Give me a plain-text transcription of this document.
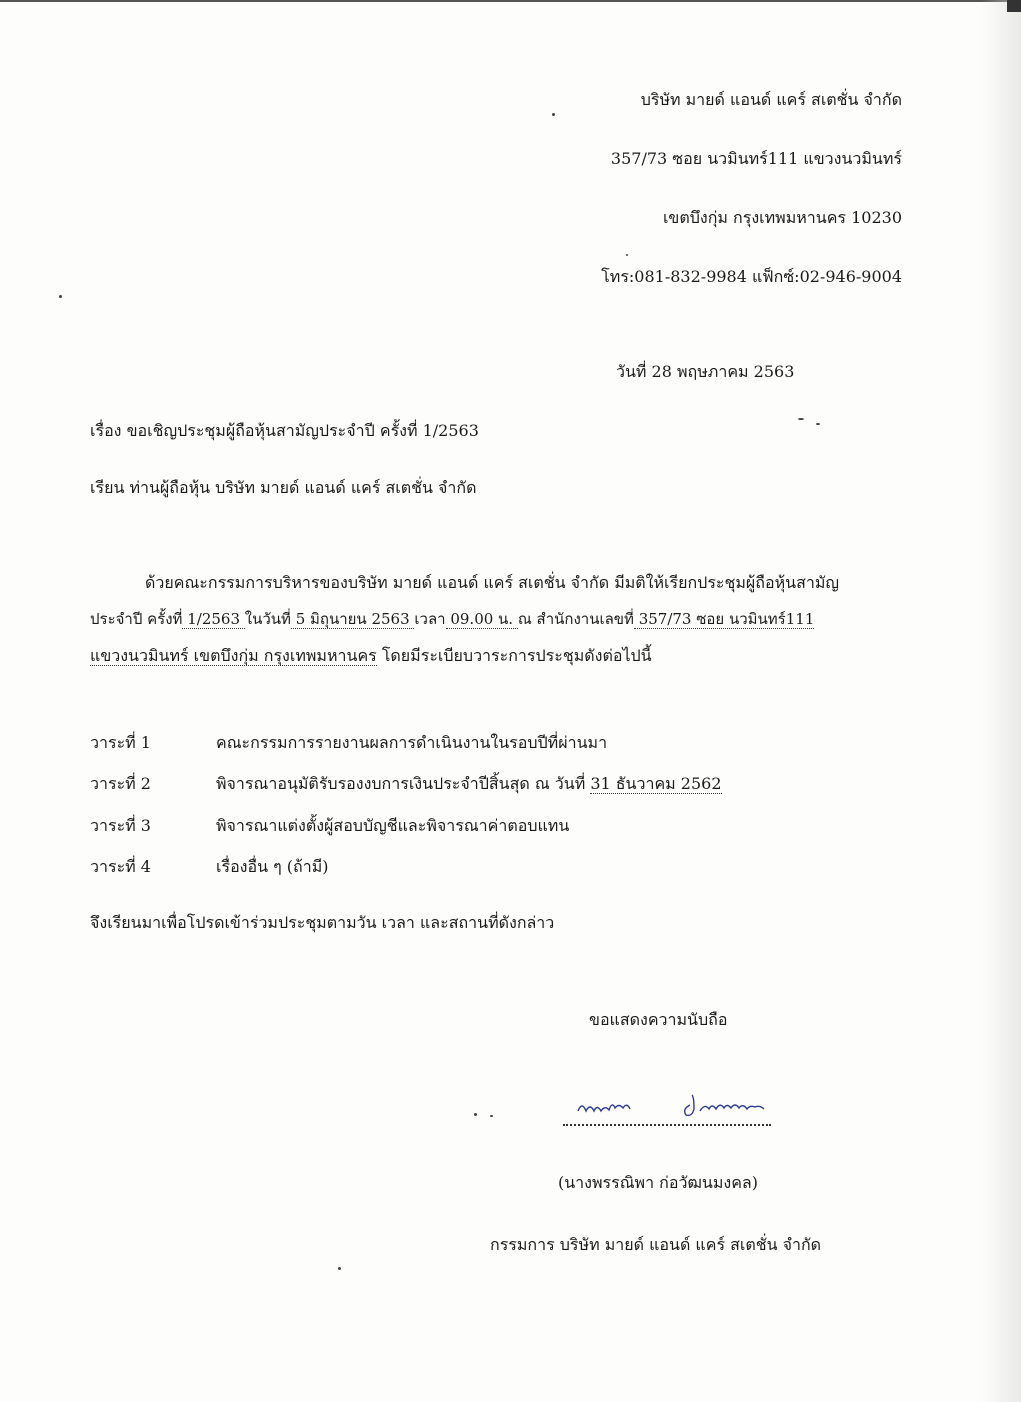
บริษัท มายด์ แอนด์ แคร์ สเตชั่น จำกัด
357/73 ซอย นวมินทร์111 แขวงนวมินทร์
เขตบึงกุ่ม กรุงเทพมหานคร 10230
โทร:081-832-9984 แฟ็กซ์:02-946-9004
วันที่ 28 พฤษภาคม 2563
เรื่อง ขอเชิญประชุมผู้ถือหุ้นสามัญประจำปี ครั้งที่ 1/2563
เรียน ท่านผู้ถือหุ้น บริษัท มายด์ แอนด์ แคร์ สเตชั่น จำกัด
ด้วยคณะกรรมการบริหารของบริษัท มายด์ แอนด์ แคร์ สเตชั่น จำกัด มีมติให้เรียกประชุมผู้ถือหุ้นสามัญ
ประจำปี ครั้งที่ 1/2563 ในวันที่ 5 มิถุนายน 2563 เวลา 09.00 น. ณ สำนักงานเลขที่ 357/73 ซอย นวมินทร์111
แขวงนวมินทร์ เขตบึงกุ่ม กรุงเทพมหานคร โดยมีระเบียบวาระการประชุมดังต่อไปนี้
วาระที่ 1	คณะกรรมการรายงานผลการดำเนินงานในรอบปีที่ผ่านมา
วาระที่ 2	พิจารณาอนุมัติรับรองงบการเงินประจำปีสิ้นสุด ณ วันที่ 31 ธันวาคม 2562
วาระที่ 3	พิจารณาแต่งตั้งผู้สอบบัญชีและพิจารณาค่าตอบแทน
วาระที่ 4	เรื่องอื่น ๆ (ถ้ามี)
จึงเรียนมาเพื่อโปรดเข้าร่วมประชุมตามวัน เวลา และสถานที่ดังกล่าว
ขอแสดงความนับถือ
(นางพรรณิพา ก่อวัฒนมงคล)
กรรมการ บริษัท มายด์ แอนด์ แคร์ สเตชั่น จำกัด
